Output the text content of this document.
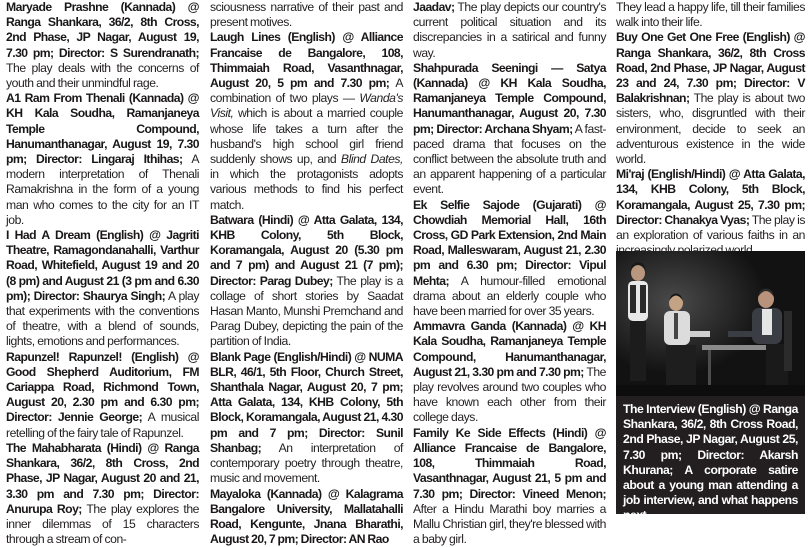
Maryade Prashne (Kannada) @ Ranga Shankara, 36/2, 8th Cross, 2nd Phase, JP Nagar, August 19, 7.30 pm; Director: S Surendranath; The play deals with the concerns of youth and their unmindful rage.

A1 Ram From Thenali (Kannada) @ KH Kala Soudha, Ramanjaneya Temple Compound, Hanumanthanagar, August 19, 7.30 pm; Director: Lingaraj Ithihas; A modern interpretation of Thenali Ramakrishna in the form of a young man who comes to the city for an IT job.

I Had A Dream (English) @ Jagriti Theatre, Ramagondanahalli, Varthur Road, Whitefield, August 19 and 20 (8 pm) and August 21 (3 pm and 6.30 pm); Director: Shaurya Singh; A play that experiments with the conventions of theatre, with a blend of sounds, lights, emotions and performances.

Rapunzel! Rapunzel! (English) @ Good Shepherd Auditorium, FM Cariappa Road, Richmond Town, August 20, 2.30 pm and 6.30 pm; Director: Jennie George; A musical retelling of the fairy tale of Rapunzel.

The Mahabharata (Hindi) @ Ranga Shankara, 36/2, 8th Cross, 2nd Phase, JP Nagar, August 20 and 21, 3.30 pm and 7.30 pm; Director: Anurupa Roy; The play explores the inner dilemmas of 15 characters through a stream of con-

sciousness narrative of their past and present motives.

Laugh Lines (English) @ Alliance Francaise de Bangalore, 108, Thimmaiah Road, Vasanthnagar, August 20, 5 pm and 7.30 pm; A combination of two plays — Wanda's Visit, which is about a married couple whose life takes a turn after the husband's high school girl friend suddenly shows up, and Blind Dates, in which the protagonists adopts various methods to find his perfect match.

Batwara (Hindi) @ Atta Galata, 134, KHB Colony, 5th Block, Koramangala, August 20 (5.30 pm and 7 pm) and August 21 (7 pm); Director: Parag Dubey; The play is a collage of short stories by Saadat Hasan Manto, Munshi Premchand and Parag Dubey, depicting the pain of the partition of India.

Blank Page (English/Hindi) @ NUMA BLR, 46/1, 5th Floor, Church Street, Shanthala Nagar, August 20, 7 pm; Atta Galata, 134, KHB Colony, 5th Block, Koramangala, August 21, 4.30 pm and 7 pm; Director: Sunil Shanbag; An interpretation of contemporary poetry through theatre, music and movement.

Mayaloka (Kannada) @ Kalagrama Bangalore University, Mallatahalli Road, Kengunte, Jnana Bharathi, August 20, 7 pm; Director: AN Rao

Jaadav; The play depicts our country's current political situation and its discrepancies in a satirical and funny way.

Shahpurada Seeningi — Satya (Kannada) @ KH Kala Soudha, Ramanjaneya Temple Compound, Hanumanthanagar, August 20, 7.30 pm; Director: Archana Shyam; A fast-paced drama that focuses on the conflict between the absolute truth and an apparent happening of a particular event.

Ek Selfie Sajode (Gujarati) @ Chowdiah Memorial Hall, 16th Cross, GD Park Extension, 2nd Main Road, Malleswaram, August 21, 2.30 pm and 6.30 pm; Director: Vipul Mehta; A humour-filled emotional drama about an elderly couple who have been married for over 35 years.

Ammavra Ganda (Kannada) @ KH Kala Soudha, Ramanjaneya Temple Compound, Hanumanthanagar, August 21, 3.30 pm and 7.30 pm; The play revolves around two couples who have known each other from their college days.

Family Ke Side Effects (Hindi) @ Alliance Francaise de Bangalore, 108, Thimmaiah Road, Vasanthnagar, August 21, 5 pm and 7.30 pm; Director: Vineed Menon; After a Hindu Marathi boy marries a Mallu Christian girl, they're blessed with a baby girl.

They lead a happy life, till their families walk into their life.

Buy One Get One Free (English) @ Ranga Shankara, 36/2, 8th Cross Road, 2nd Phase, JP Nagar, August 23 and 24, 7.30 pm; Director: V Balakrishnan; The play is about two sisters, who, disgruntled with their environment, decide to seek an adventurous existence in the wide world.

Mi'raj (English/Hindi) @ Atta Galata, 134, KHB Colony, 5th Block, Koramangala, August 25, 7.30 pm; Director: Chanakya Vyas; The play is an exploration of various faiths in an

The Interview (English) @ Ranga Shankara, 36/2, 8th Cross Road, 2nd Phase, JP Nagar, August 25, 7.30 pm; Director: Akarsh Khurana; A corporate satire about a young man attending a job interview, and what happens next.
